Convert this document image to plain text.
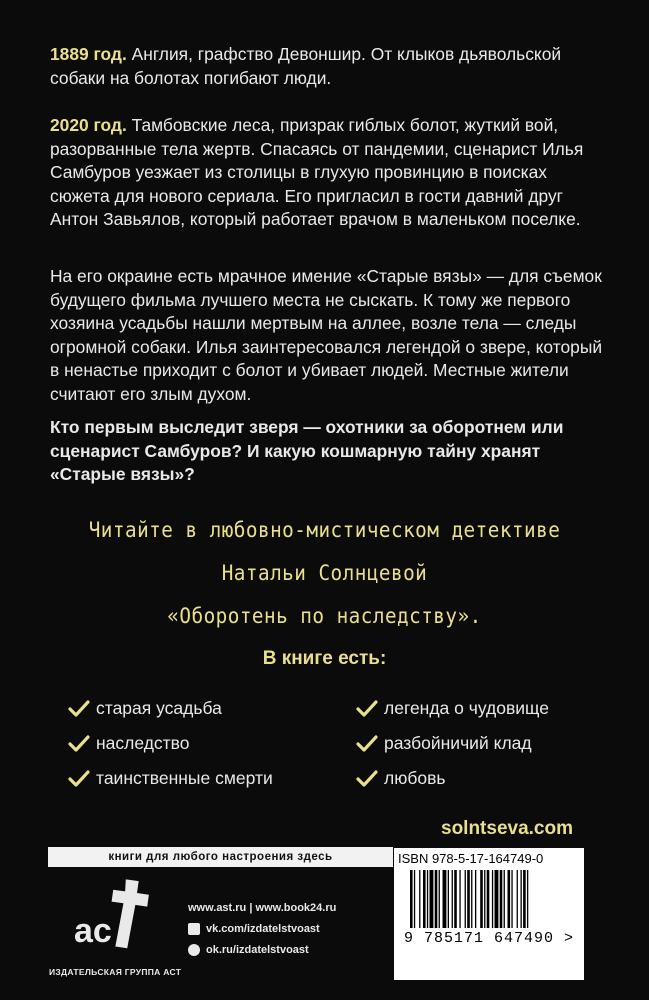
1889 год. Англия, графство Девоншир. От клыков дьявольской собаки на болотах погибают люди.

2020 год. Тамбовские леса, призрак гиблых болот, жуткий вой, разорванные тела жертв. Спасаясь от пандемии, сценарист Илья Самбуров уезжает из столицы в глухую провинцию в поисках сюжета для нового сериала. Его пригласил в гости давний друг Антон Завьялов, который работает врачом в маленьком поселке.

На его окраине есть мрачное имение «Старые вязы» — для съемок будущего фильма лучшего места не сыскать. К тому же первого хозяина усадьбы нашли мертвым на аллее, возле тела — следы огромной собаки. Илья заинтересовался легендой о звере, который в ненастье приходит с болот и убивает людей. Местные жители считают его злым духом.

Кто первым выследит зверя — охотники за оборотнем или сценарист Самбуров? И какую кошмарную тайну хранят «Старые вязы»?

Читайте в любовно-мистическом детективе
Натальи Солнцевой
«Оборотень по наследству».
В книге есть:
старая усадьба
наследство
таинственные смерти
легенда о чудовище
разбойничий клад
любовь
solntseva.com
книги для любого настроения здесь
ac
ИЗДАТЕЛЬСКАЯ ГРУППА АСТ
www.ast.ru | www.book24.ru
vk.com/izdatelstvoast
ok.ru/izdatelstvoast
ISBN 978-5-17-164749-0
9 785171 647490 >
